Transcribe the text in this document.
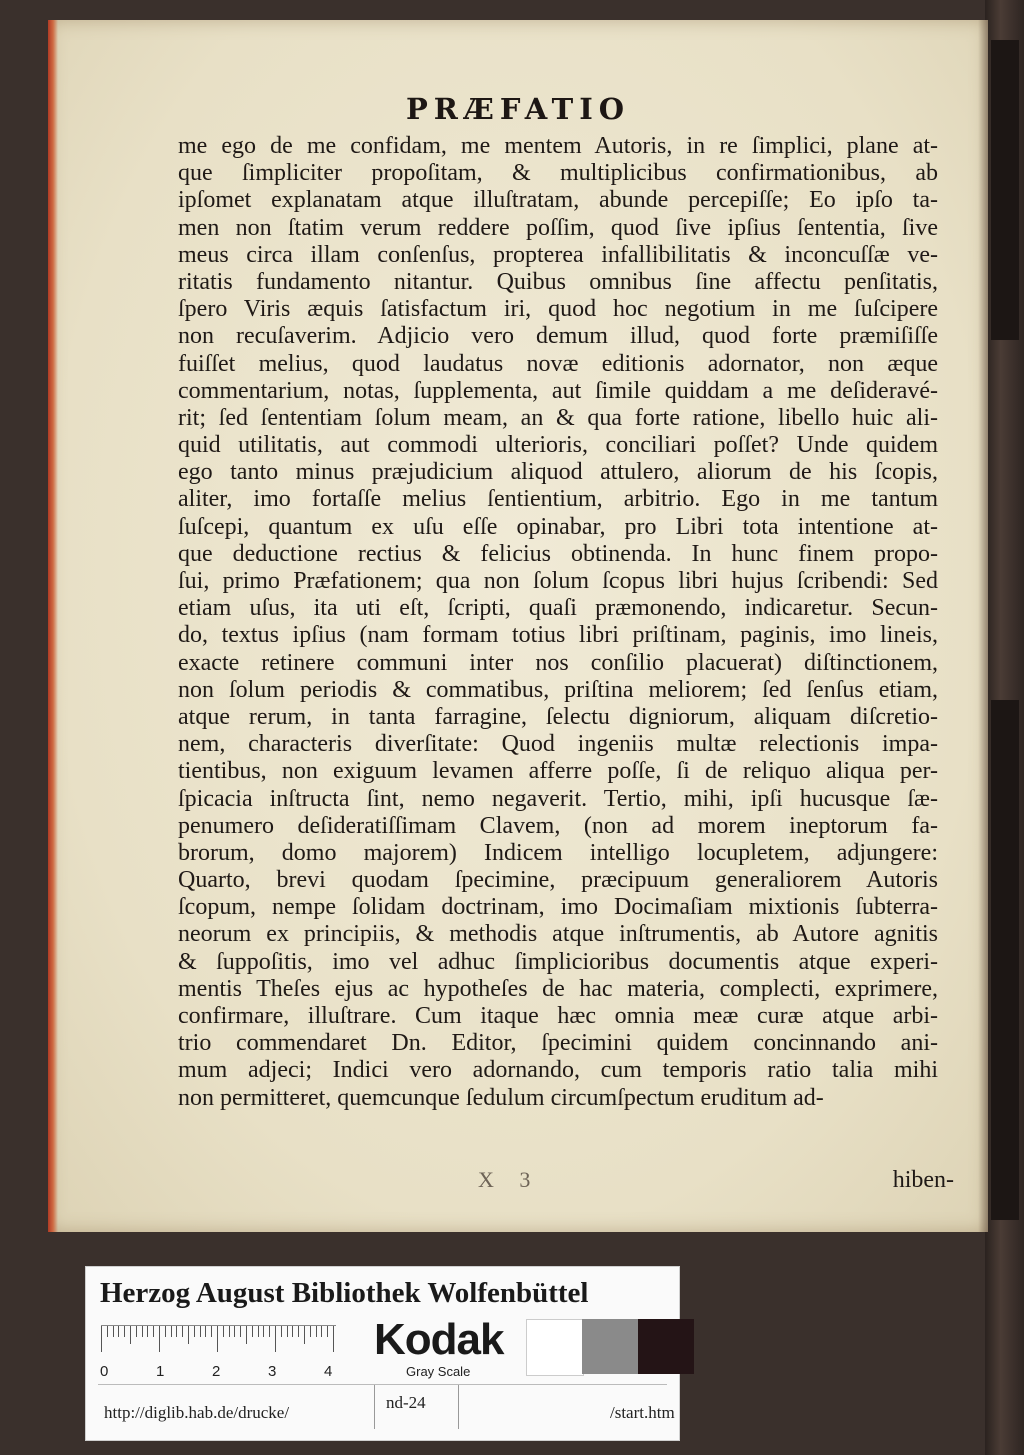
PRÆFATIO
me ego de me confidam, me mentem Autoris, in re ſimplici, plane at-
que ſimpliciter propoſitam, & multiplicibus confirmationibus, ab
ipſomet explanatam atque illuſtratam, abunde percepiſſe; Eo ipſo ta-
men non ſtatim verum reddere poſſim, quod ſive ipſius ſententia, ſive
meus circa illam conſenſus, propterea infallibilitatis & inconcuſſæ ve-
ritatis fundamento nitantur. Quibus omnibus ſine affectu penſitatis,
ſpero Viris æquis ſatisfactum iri, quod hoc negotium in me ſuſcipere
non recuſaverim. Adjicio vero demum illud, quod forte præmiſiſſe
fuiſſet melius, quod laudatus novæ editionis adornator, non æque
commentarium, notas, ſupplementa, aut ſimile quiddam a me deſideravé-
rit; ſed ſententiam ſolum meam, an & qua forte ratione, libello huic ali-
quid utilitatis, aut commodi ulterioris, conciliari poſſet? Unde quidem
ego tanto minus præjudicium aliquod attulero, aliorum de his ſcopis,
aliter, imo fortaſſe melius ſentientium, arbitrio. Ego in me tantum
ſuſcepi, quantum ex uſu eſſe opinabar, pro Libri tota intentione at-
que deductione rectius & felicius obtinenda. In hunc finem propo-
ſui, primo Præfationem; qua non ſolum ſcopus libri hujus ſcribendi: Sed
etiam uſus, ita uti eſt, ſcripti, quaſi præmonendo, indicaretur. Secun-
do, textus ipſius (nam formam totius libri priſtinam, paginis, imo lineis,
exacte retinere communi inter nos conſilio placuerat) diſtinctionem,
non ſolum periodis & commatibus, priſtina meliorem; ſed ſenſus etiam,
atque rerum, in tanta farragine, ſelectu digniorum, aliquam diſcretio-
nem, characteris diverſitate: Quod ingeniis multæ relectionis impa-
tientibus, non exiguum levamen afferre poſſe, ſi de reliquo aliqua per-
ſpicacia inſtructa ſint, nemo negaverit. Tertio, mihi, ipſi hucusque ſæ-
penumero deſideratiſſimam Clavem, (non ad morem ineptorum fa-
brorum, domo majorem) Indicem intelligo locupletem, adjungere:
Quarto, brevi quodam ſpecimine, præcipuum generaliorem Autoris
ſcopum, nempe ſolidam doctrinam, imo Docimaſiam mixtionis ſubterra-
neorum ex principiis, & methodis atque inſtrumentis, ab Autore agnitis
& ſuppoſitis, imo vel adhuc ſimplicioribus documentis atque experi-
mentis Theſes ejus ac hypotheſes de hac materia, complecti, exprimere,
confirmare, illuſtrare. Cum itaque hæc omnia meæ curæ atque arbi-
trio commendaret Dn. Editor, ſpecimini quidem concinnando ani-
mum adjeci; Indici vero adornando, cum temporis ratio talia mihi
non permitteret, quemcunque ſedulum circumſpectum eruditum ad-
X 3	hiben-
Herzog August Bibliothek Wolfenbüttel
0	1	2	3	4
Kodak
Gray Scale
http://diglib.hab.de/drucke/
nd-24
/start.htm
